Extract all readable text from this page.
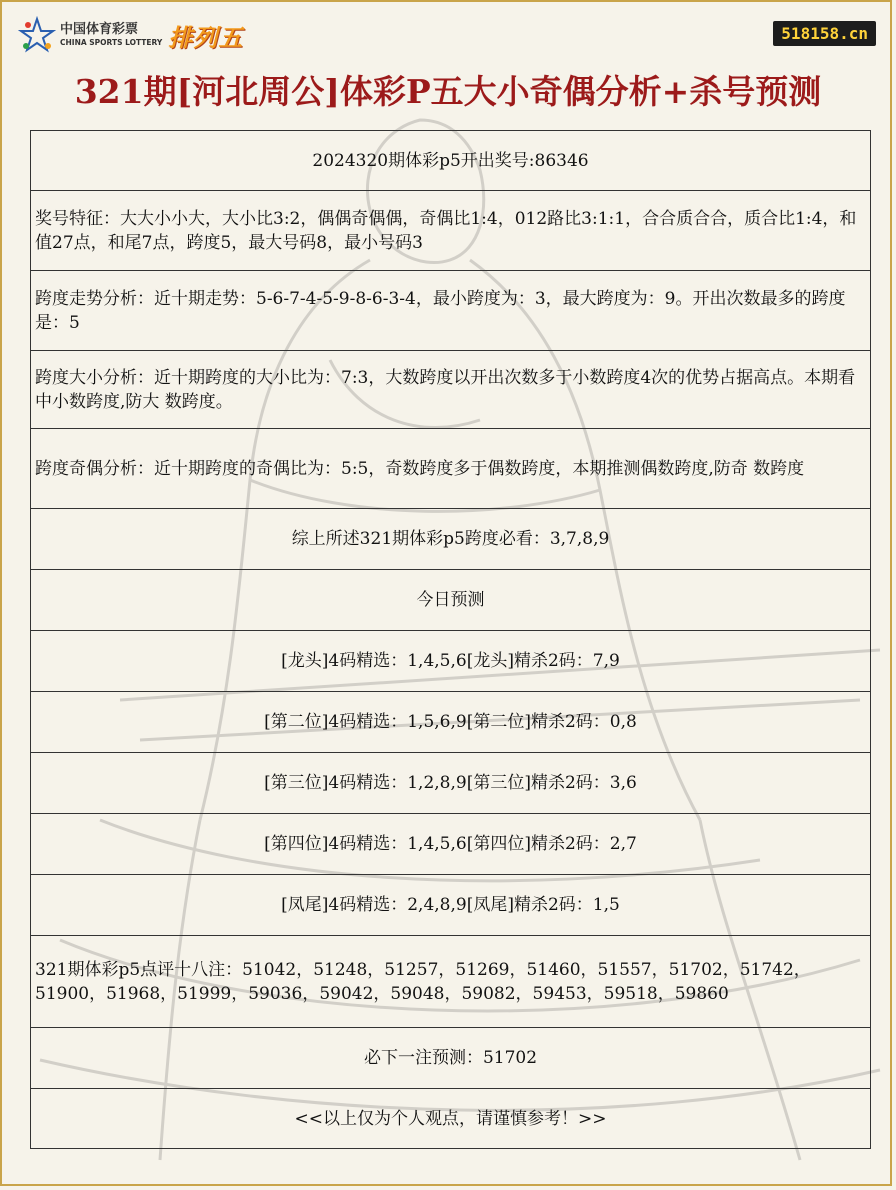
中国体育彩票
CHINA SPORTS LOTTERY 排列五	518158.cn
321期[河北周公]体彩P五大小奇偶分析+杀号预测
2024320期体彩p5开出奖号:86346
奖号特征：大大小小大，大小比3:2，偶偶奇偶偶，奇偶比1:4，012路比3:1:1，合合质合合，质合比1:4，和值27点，和尾7点，跨度5，最大号码8，最小号码3
跨度走势分析：近十期走势：5-6-7-4-5-9-8-6-3-4，最小跨度为：3，最大跨度为：9。开出次数最多的跨度是：5
跨度大小分析：近十期跨度的大小比为：7:3，大数跨度以开出次数多于小数跨度4次的优势占据高点。本期看中小数跨度,防大 数跨度。
跨度奇偶分析：近十期跨度的奇偶比为：5:5，奇数跨度多于偶数跨度，本期推测偶数跨度,防奇 数跨度
综上所述321期体彩p5跨度必看：3,7,8,9
今日预测
[龙头]4码精选：1,4,5,6[龙头]精杀2码：7,9
[第二位]4码精选：1,5,6,9[第二位]精杀2码：0,8
[第三位]4码精选：1,2,8,9[第三位]精杀2码：3,6
[第四位]4码精选：1,4,5,6[第四位]精杀2码：2,7
[凤尾]4码精选：2,4,8,9[凤尾]精杀2码：1,5
321期体彩p5点评十八注：51042，51248，51257，51269，51460，51557，51702，51742，51900，51968，51999，59036，59042，59048，59082，59453，59518，59860
必下一注预测：51702
<<以上仅为个人观点，请谨慎参考！>>
